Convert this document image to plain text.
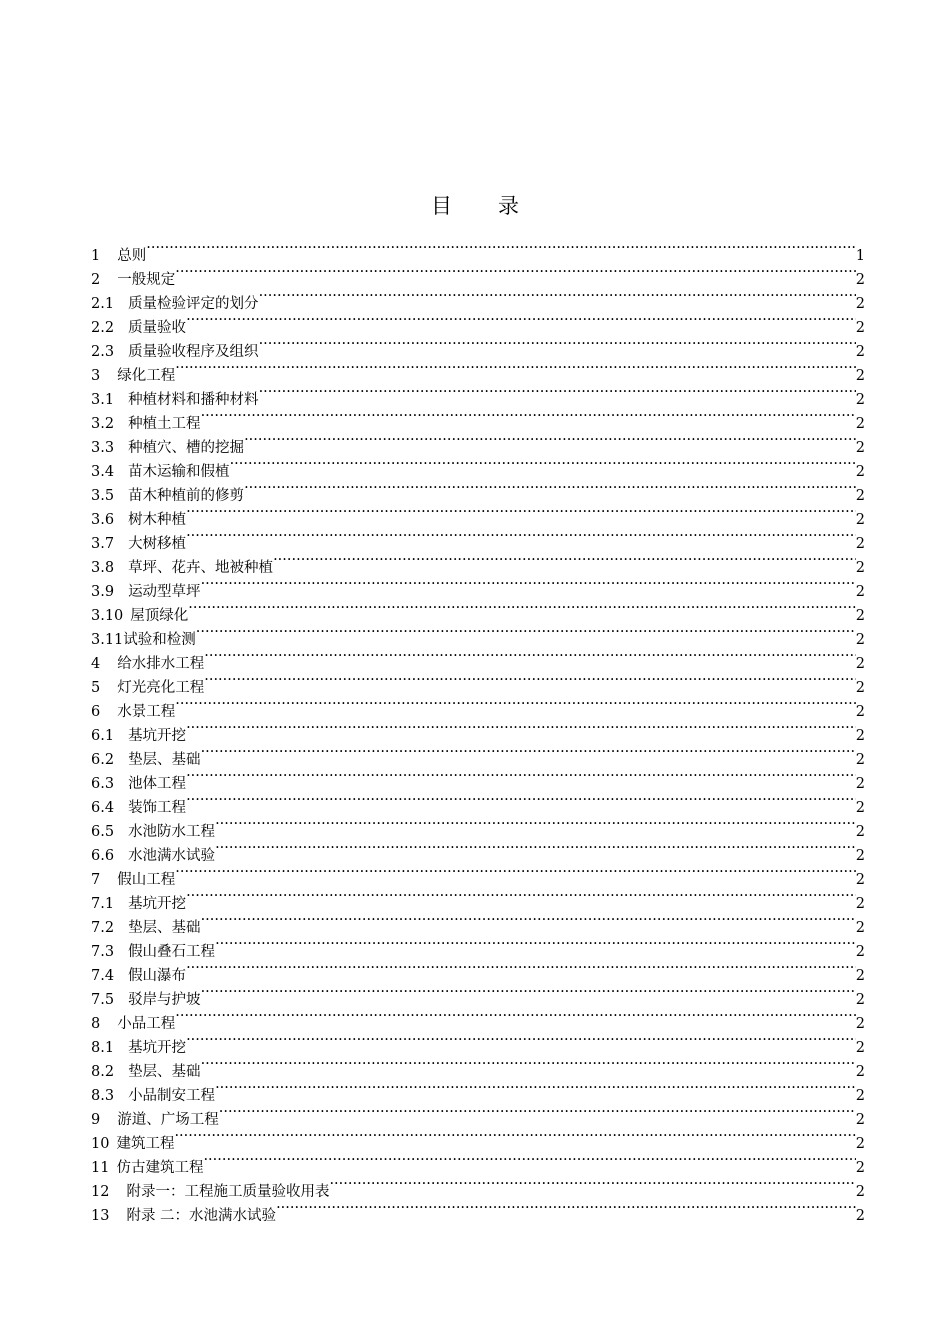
目 录
1 总则 ·····	1
2 一般规定 ·····	2
2.1 质量检验评定的划分 ·····	2
2.2 质量验收 ·····	2
2.3 质量验收程序及组织 ·····	2
3 绿化工程 ·····	2
3.1 种植材料和播种材料 ·····	2
3.2 种植土工程 ·····	2
3.3 种植穴、槽的挖掘 ·····	2
3.4 苗木运输和假植 ·····	2
3.5 苗木种植前的修剪 ·····	2
3.6 树木种植 ·····	2
3.7 大树移植 ·····	2
3.8 草坪、花卉、地被种植 ·····	2
3.9 运动型草坪 ·····	2
3.10 屋顶绿化 ·····	2
3.11 试验和检测 ·····	2
4 给水排水工程 ·····	2
5 灯光亮化工程 ·····	2
6 水景工程 ·····	2
6.1 基坑开挖 ·····	2
6.2 垫层、基础 ·····	2
6.3 池体工程 ·····	2
6.4 装饰工程 ·····	2
6.5 水池防水工程 ·····	2
6.6 水池满水试验 ·····	2
7 假山工程 ·····	2
7.1 基坑开挖 ·····	2
7.2 垫层、基础 ·····	2
7.3 假山叠石工程 ·····	2
7.4 假山瀑布 ·····	2
7.5 驳岸与护坡 ·····	2
8 小品工程 ·····	2
8.1 基坑开挖 ·····	2
8.2 垫层、基础 ·····	2
8.3 小品制安工程 ·····	2
9 游道、广场工程 ·····	2
10 建筑工程 ·····	2
11 仿古建筑工程 ·····	2
12 附录一：工程施工质量验收用表 ·····	2
13 附录 二：水池满水试验 ·····	2
